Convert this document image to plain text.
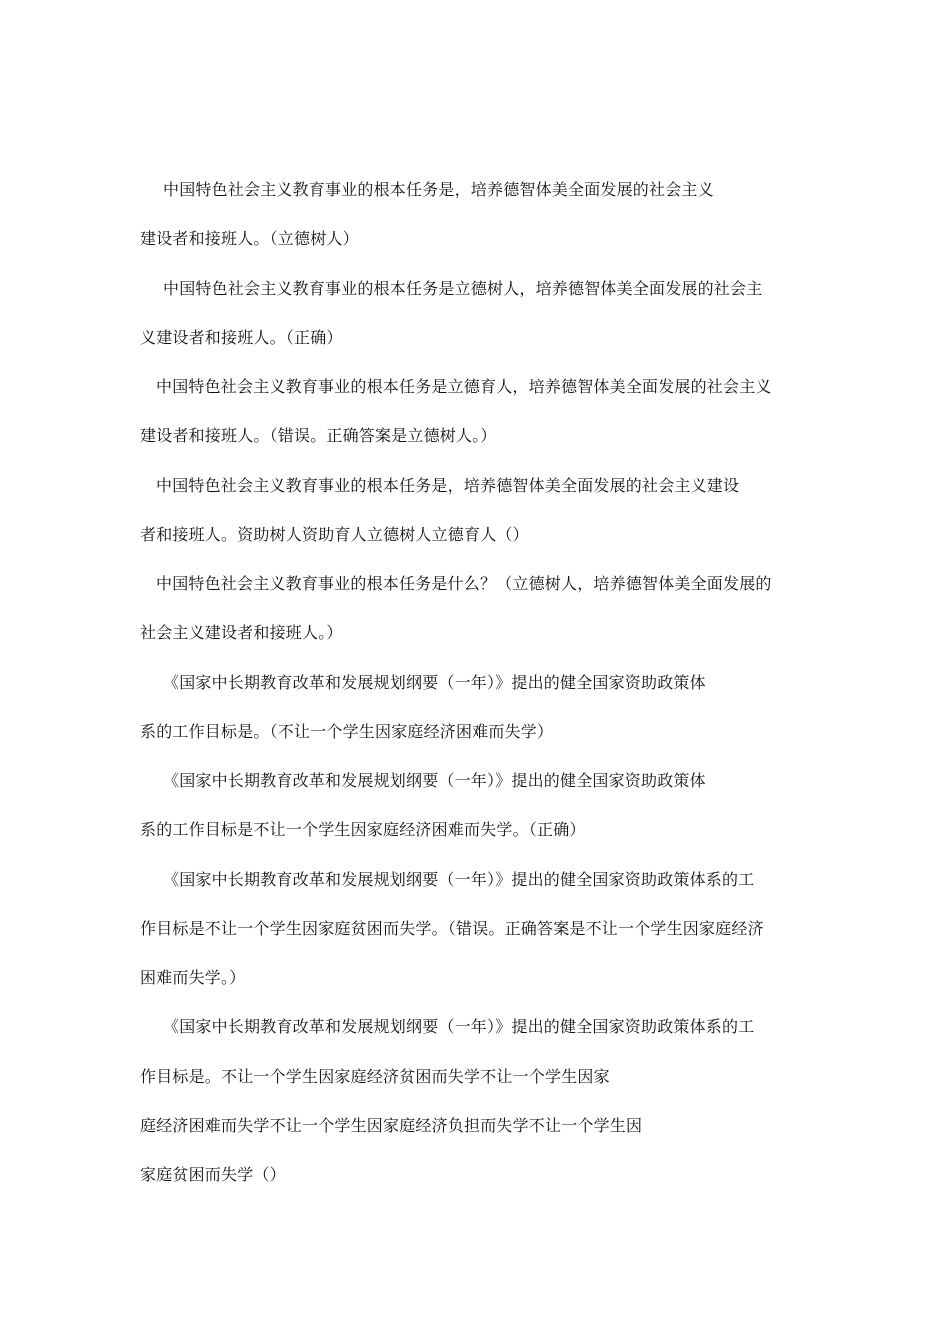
中国特色社会主义教育事业的根本任务是，培养德智体美全面发展的社会主义
建设者和接班人。（立德树人）
中国特色社会主义教育事业的根本任务是立德树人，培养德智体美全面发展的社会主
义建设者和接班人。（正确）
中国特色社会主义教育事业的根本任务是立德育人，培养德智体美全面发展的社会主义
建设者和接班人。（错误。正确答案是立德树人。）
中国特色社会主义教育事业的根本任务是，培养德智体美全面发展的社会主义建设
者和接班人。资助树人资助育人立德树人立德育人（）
中国特色社会主义教育事业的根本任务是什么？（立德树人，培养德智体美全面发展的
社会主义建设者和接班人。）
《国家中长期教育改革和发展规划纲要（一年）》提出的健全国家资助政策体
系的工作目标是。（不让一个学生因家庭经济困难而失学）
《国家中长期教育改革和发展规划纲要（一年）》提出的健全国家资助政策体
系的工作目标是不让一个学生因家庭经济困难而失学。（正确）
《国家中长期教育改革和发展规划纲要（一年）》提出的健全国家资助政策体系的工
作目标是不让一个学生因家庭贫困而失学。（错误。正确答案是不让一个学生因家庭经济
困难而失学。）
《国家中长期教育改革和发展规划纲要（一年）》提出的健全国家资助政策体系的工
作目标是。不让一个学生因家庭经济贫困而失学不让一个学生因家
庭经济困难而失学不让一个学生因家庭经济负担而失学不让一个学生因
家庭贫困而失学（）
